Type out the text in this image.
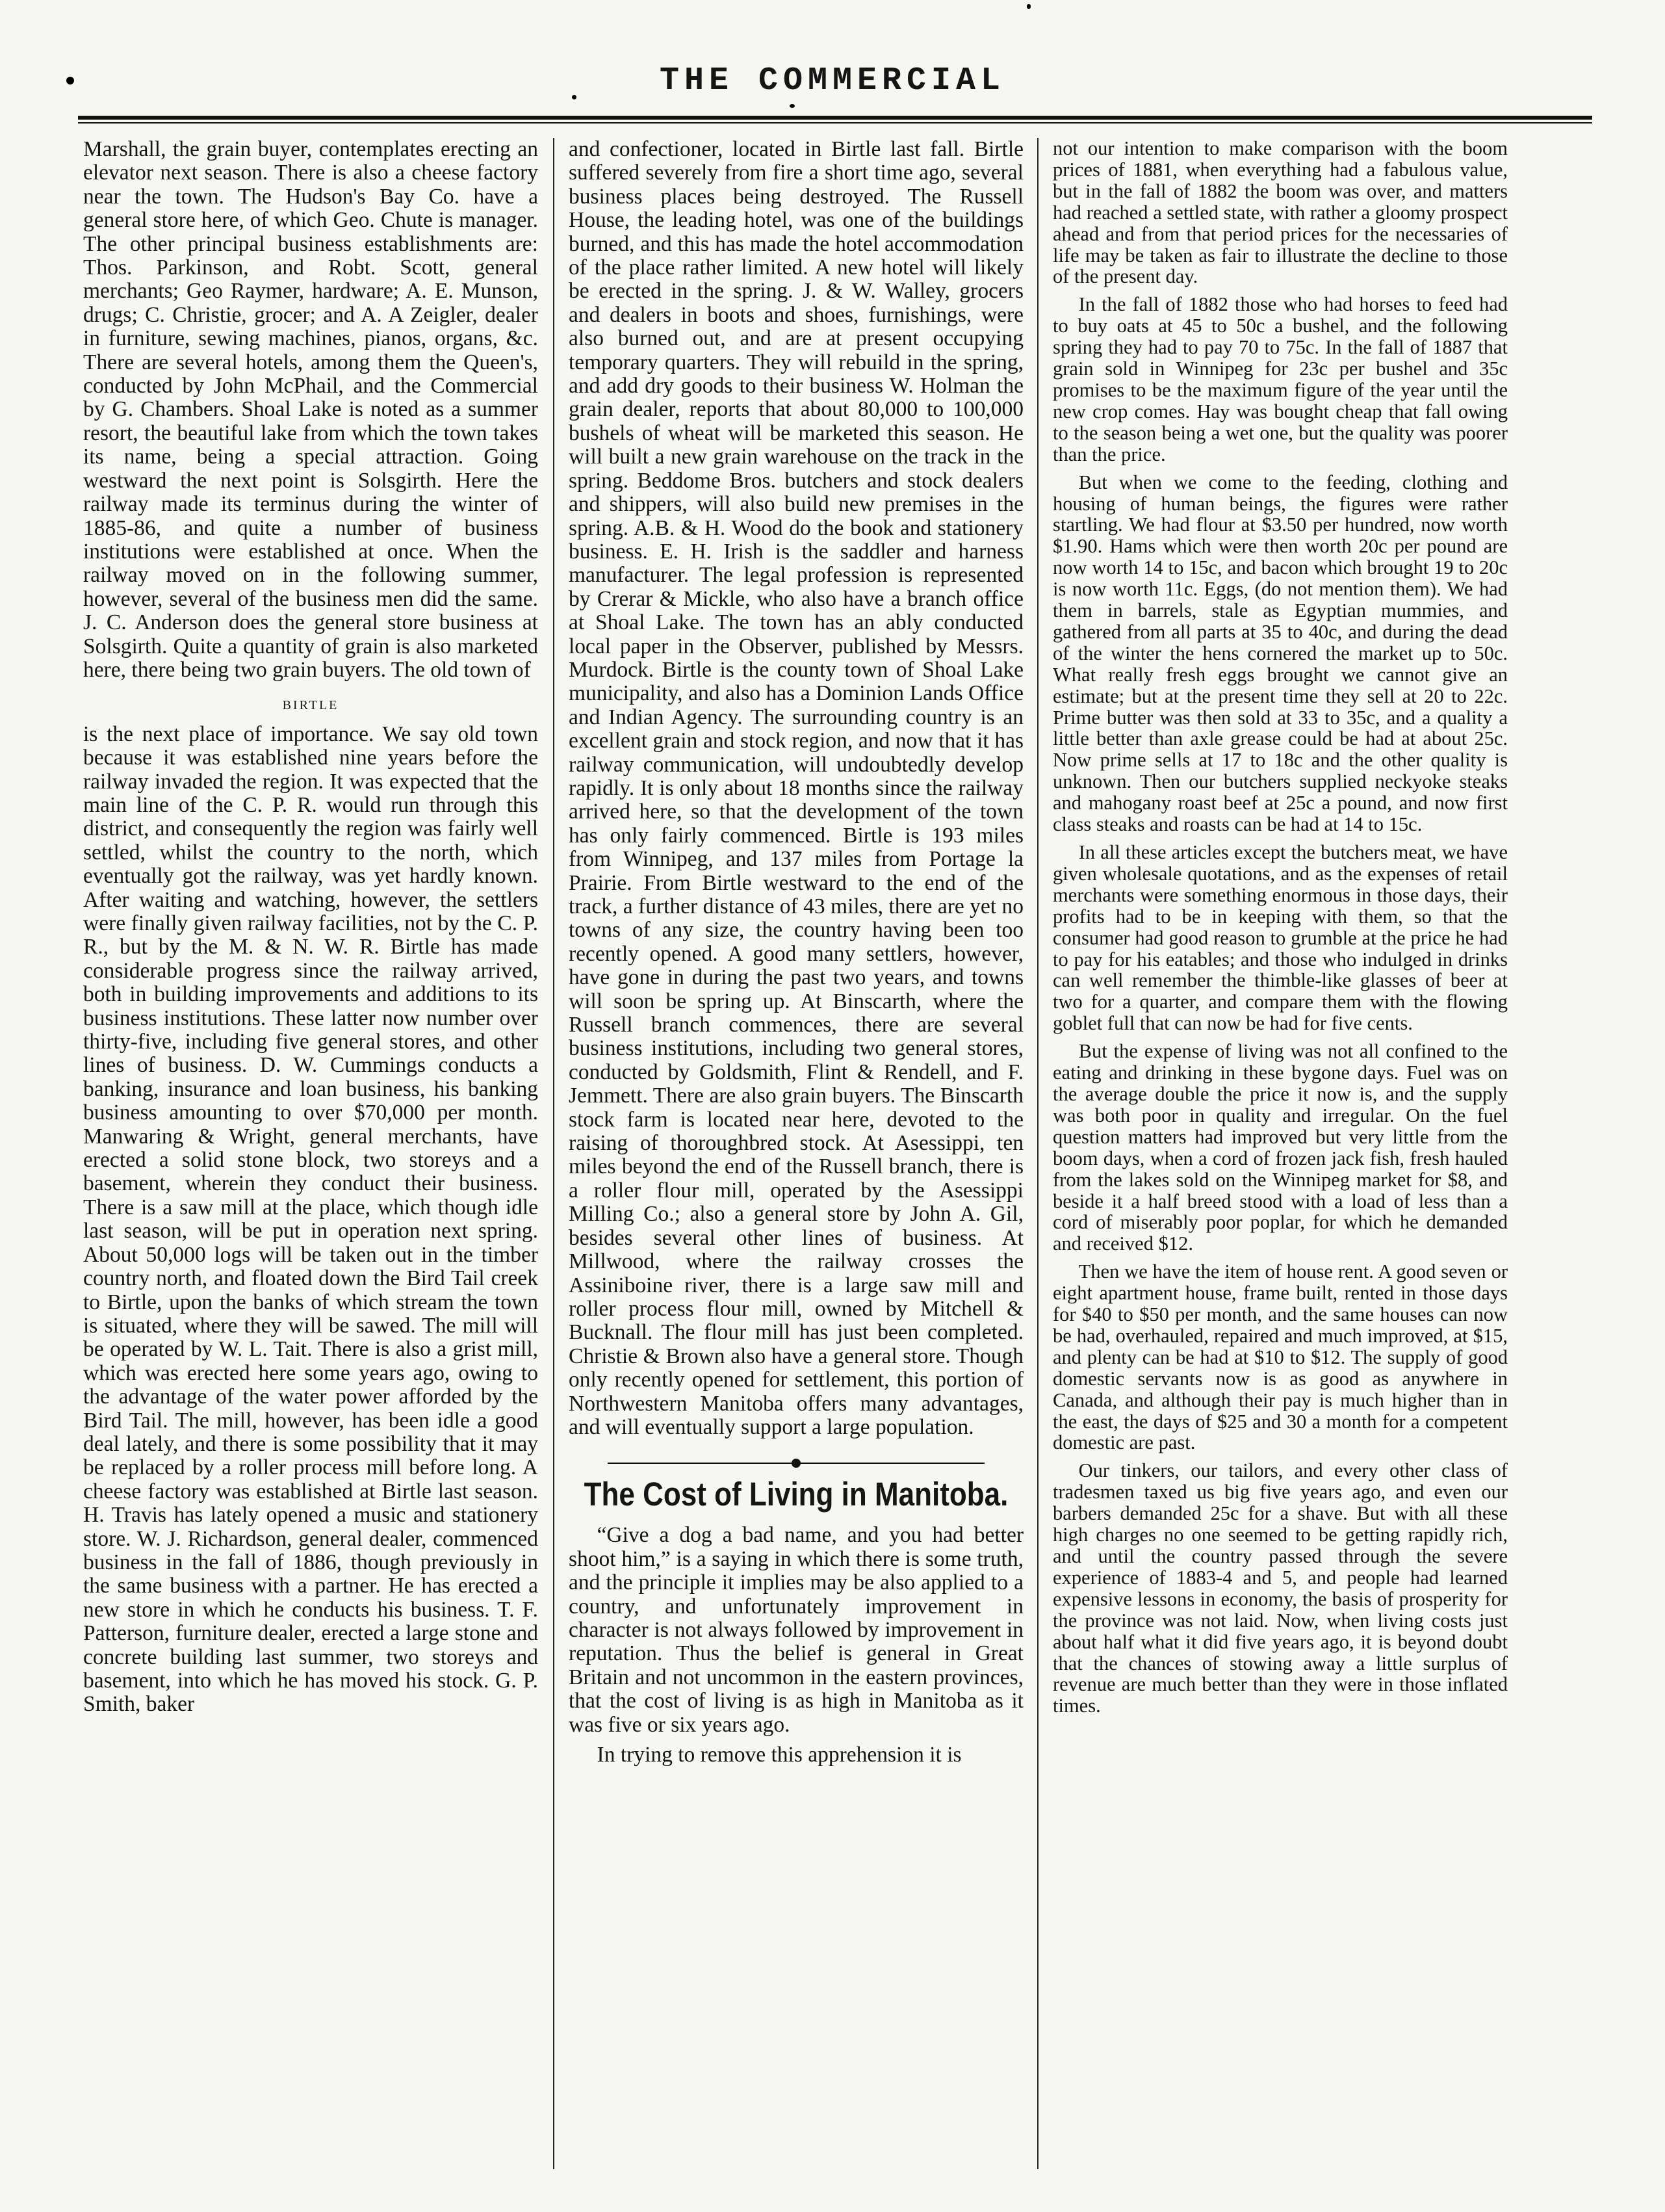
THE COMMERCIAL

Marshall, the grain buyer, contemplates erecting an elevator next season. There is also a cheese factory near the town. The Hudson's Bay Co. have a general store here, of which Geo. Chute is manager. The other principal business establishments are: Thos. Parkinson, and Robt. Scott, general merchants; Geo Raymer, hardware; A. E. Munson, drugs; C. Christie, grocer; and A. A Zeigler, dealer in furniture, sewing machines, pianos, organs, &c. There are several hotels, among them the Queen's, conducted by John McPhail, and the Commercial by G. Chambers. Shoal Lake is noted as a summer resort, the beautiful lake from which the town takes its name, being a special attraction. Going westward the next point is Solsgirth. Here the railway made its terminus during the winter of 1885-86, and quite a number of business institutions were established at once. When the railway moved on in the following summer, however, several of the business men did the same. J. C. Anderson does the general store business at Solsgirth. Quite a quantity of grain is also marketed here, there being two grain buyers. The old town of

BIRTLE

is the next place of importance. We say old town because it was established nine years before the railway invaded the region. It was expected that the main line of the C. P. R. would run through this district, and consequently the region was fairly well settled, whilst the country to the north, which eventually got the railway, was yet hardly known. After waiting and watching, however, the settlers were finally given railway facilities, not by the C. P. R., but by the M. & N. W. R. Birtle has made considerable progress since the railway arrived, both in building improvements and additions to its business institutions. These latter now number over thirty-five, including five general stores, and other lines of business. D. W. Cummings conducts a banking, insurance and loan business, his banking business amounting to over $70,000 per month. Manwaring & Wright, general merchants, have erected a solid stone block, two storeys and a basement, wherein they conduct their business. There is a saw mill at the place, which though idle last season, will be put in operation next spring. About 50,000 logs will be taken out in the timber country north, and floated down the Bird Tail creek to Birtle, upon the banks of which stream the town is situated, where they will be sawed. The mill will be operated by W. L. Tait. There is also a grist mill, which was erected here some years ago, owing to the advantage of the water power afforded by the Bird Tail. The mill, however, has been idle a good deal lately, and there is some possibility that it may be replaced by a roller process mill before long. A cheese factory was established at Birtle last season. H. Travis has lately opened a music and stationery store. W. J. Richardson, general dealer, commenced business in the fall of 1886, though previously in the same business with a partner. He has erected a new store in which he conducts his business. T. F. Patterson, furniture dealer, erected a large stone and concrete building last summer, two storeys and basement, into which he has moved his stock. G. P. Smith, baker

and confectioner, located in Birtle last fall. Birtle suffered severely from fire a short time ago, several business places being destroyed. The Russell House, the leading hotel, was one of the buildings burned, and this has made the hotel accommodation of the place rather limited. A new hotel will likely be erected in the spring. J. & W. Walley, grocers and dealers in boots and shoes, furnishings, were also burned out, and are at present occupying temporary quarters. They will rebuild in the spring, and add dry goods to their business W. Holman the grain dealer, reports that about 80,000 to 100,000 bushels of wheat will be marketed this season. He will built a new grain warehouse on the track in the spring. Beddome Bros. butchers and stock dealers and shippers, will also build new premises in the spring. A.B. & H. Wood do the book and stationery business. E. H. Irish is the saddler and harness manufacturer. The legal profession is represented by Crerar & Mickle, who also have a branch office at Shoal Lake. The town has an ably conducted local paper in the Observer, published by Messrs. Murdock. Birtle is the county town of Shoal Lake municipality, and also has a Dominion Lands Office and Indian Agency. The surrounding country is an excellent grain and stock region, and now that it has railway communication, will undoubtedly develop rapidly. It is only about 18 months since the railway arrived here, so that the development of the town has only fairly commenced. Birtle is 193 miles from Winnipeg, and 137 miles from Portage la Prairie. From Birtle westward to the end of the track, a further distance of 43 miles, there are yet no towns of any size, the country having been too recently opened. A good many settlers, however, have gone in during the past two years, and towns will soon be spring up. At Binscarth, where the Russell branch commences, there are several business institutions, including two general stores, conducted by Goldsmith, Flint & Rendell, and F. Jemmett. There are also grain buyers. The Binscarth stock farm is located near here, devoted to the raising of thoroughbred stock. At Asessippi, ten miles beyond the end of the Russell branch, there is a roller flour mill, operated by the Asessippi Milling Co.; also a general store by John A. Gil, besides several other lines of business. At Millwood, where the railway crosses the Assiniboine river, there is a large saw mill and roller process flour mill, owned by Mitchell & Bucknall. The flour mill has just been completed. Christie & Brown also have a general store. Though only recently opened for settlement, this portion of Northwestern Manitoba offers many advantages, and will eventually support a large population.

The Cost of Living in Manitoba.

“Give a dog a bad name, and you had better shoot him,” is a saying in which there is some truth, and the principle it implies may be also applied to a country, and unfortunately improvement in character is not always followed by improvement in reputation. Thus the belief is general in Great Britain and not uncommon in the eastern provinces, that the cost of living is as high in Manitoba as it was five or six years ago.

In trying to remove this apprehension it is

not our intention to make comparison with the boom prices of 1881, when everything had a fabulous value, but in the fall of 1882 the boom was over, and matters had reached a settled state, with rather a gloomy prospect ahead and from that period prices for the necessaries of life may be taken as fair to illustrate the decline to those of the present day.

In the fall of 1882 those who had horses to feed had to buy oats at 45 to 50c a bushel, and the following spring they had to pay 70 to 75c. In the fall of 1887 that grain sold in Winnipeg for 23c per bushel and 35c promises to be the maximum figure of the year until the new crop comes. Hay was bought cheap that fall owing to the season being a wet one, but the quality was poorer than the price.

But when we come to the feeding, clothing and housing of human beings, the figures were rather startling. We had flour at $3.50 per hundred, now worth $1.90. Hams which were then worth 20c per pound are now worth 14 to 15c, and bacon which brought 19 to 20c is now worth 11c. Eggs, (do not mention them). We had them in barrels, stale as Egyptian mummies, and gathered from all parts at 35 to 40c, and during the dead of the winter the hens cornered the market up to 50c. What really fresh eggs brought we cannot give an estimate; but at the present time they sell at 20 to 22c. Prime butter was then sold at 33 to 35c, and a quality a little better than axle grease could be had at about 25c. Now prime sells at 17 to 18c and the other quality is unknown. Then our butchers supplied neckyoke steaks and mahogany roast beef at 25c a pound, and now first class steaks and roasts can be had at 14 to 15c.

In all these articles except the butchers meat, we have given wholesale quotations, and as the expenses of retail merchants were something enormous in those days, their profits had to be in keeping with them, so that the consumer had good reason to grumble at the price he had to pay for his eatables; and those who indulged in drinks can well remember the thimble-like glasses of beer at two for a quarter, and compare them with the flowing goblet full that can now be had for five cents.

But the expense of living was not all confined to the eating and drinking in these bygone days. Fuel was on the average double the price it now is, and the supply was both poor in quality and irregular. On the fuel question matters had improved but very little from the boom days, when a cord of frozen jack fish, fresh hauled from the lakes sold on the Winnipeg market for $8, and beside it a half breed stood with a load of less than a cord of miserably poor poplar, for which he demanded and received $12.

Then we have the item of house rent. A good seven or eight apartment house, frame built, rented in those days for $40 to $50 per month, and the same houses can now be had, overhauled, repaired and much improved, at $15, and plenty can be had at $10 to $12. The supply of good domestic servants now is as good as anywhere in Canada, and although their pay is much higher than in the east, the days of $25 and 30 a month for a competent domestic are past.

Our tinkers, our tailors, and every other class of tradesmen taxed us big five years ago, and even our barbers demanded 25c for a shave. But with all these high charges no one seemed to be getting rapidly rich, and until the country passed through the severe experience of 1883-4 and 5, and people had learned expensive lessons in economy, the basis of prosperity for the province was not laid. Now, when living costs just about half what it did five years ago, it is beyond doubt that the chances of stowing away a little surplus of revenue are much better than they were in those inflated times.
